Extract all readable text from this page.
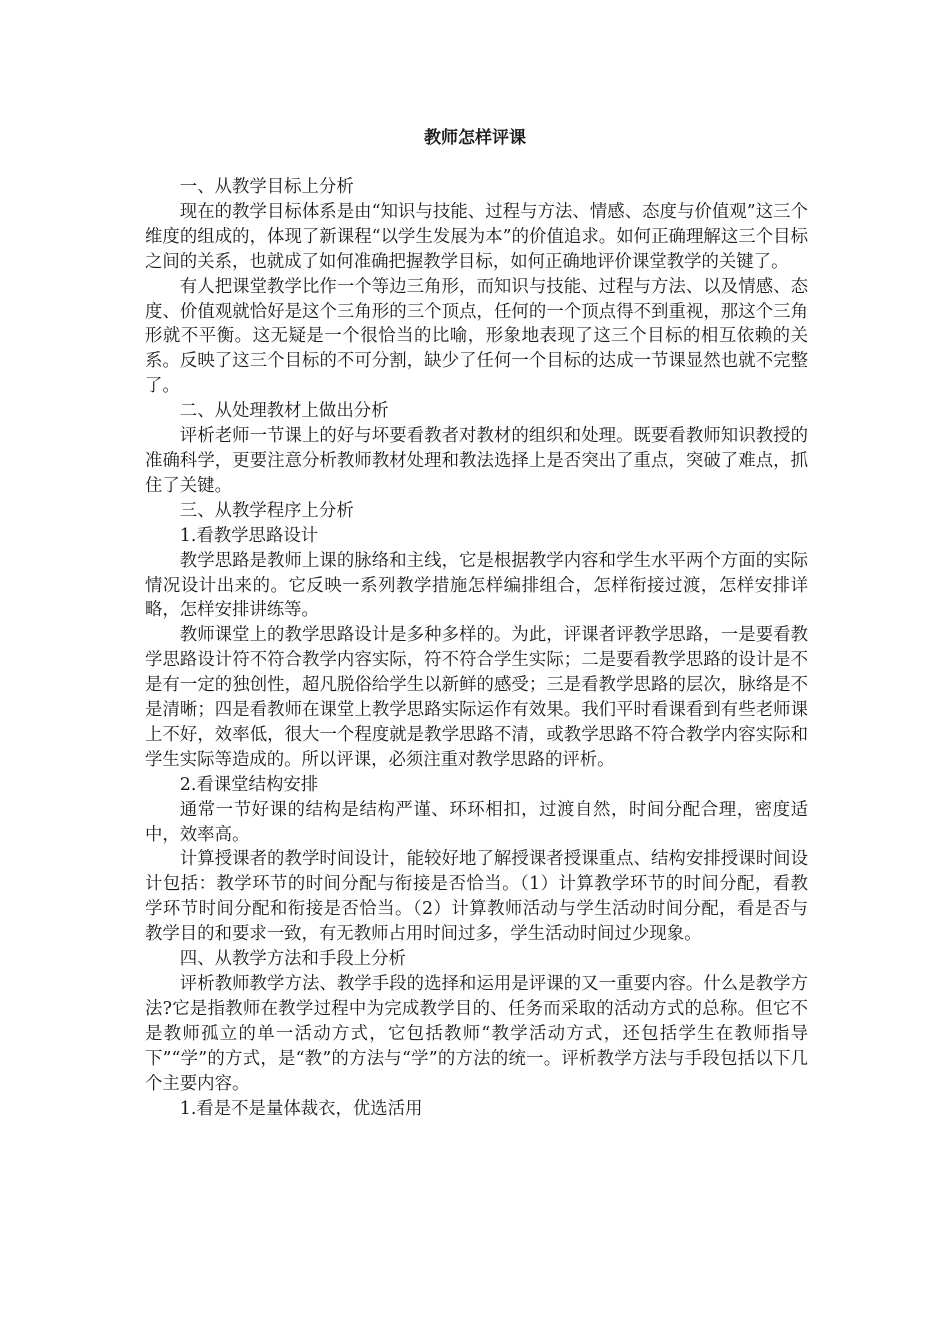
教师怎样评课

一、从教学目标上分析

现在的教学目标体系是由“知识与技能、过程与方法、情感、态度与价值观”这三个维度的组成的，体现了新课程“以学生发展为本”的价值追求。如何正确理解这三个目标之间的关系，也就成了如何准确把握教学目标，如何正确地评价课堂教学的关键了。

有人把课堂教学比作一个等边三角形，而知识与技能、过程与方法、以及情感、态度、价值观就恰好是这个三角形的三个顶点，任何的一个顶点得不到重视，那这个三角形就不平衡。这无疑是一个很恰当的比喻，形象地表现了这三个目标的相互依赖的关系。反映了这三个目标的不可分割，缺少了任何一个目标的达成一节课显然也就不完整了。

二、从处理教材上做出分析

评析老师一节课上的好与坏要看教者对教材的组织和处理。既要看教师知识教授的准确科学，更要注意分析教师教材处理和教法选择上是否突出了重点，突破了难点，抓住了关键。

三、从教学程序上分析

1.看教学思路设计

教学思路是教师上课的脉络和主线，它是根据教学内容和学生水平两个方面的实际情况设计出来的。它反映一系列教学措施怎样编排组合，怎样衔接过渡，怎样安排详略，怎样安排讲练等。

教师课堂上的教学思路设计是多种多样的。为此，评课者评教学思路，一是要看教学思路设计符不符合教学内容实际，符不符合学生实际；二是要看教学思路的设计是不是有一定的独创性，超凡脱俗给学生以新鲜的感受；三是看教学思路的层次，脉络是不是清晰；四是看教师在课堂上教学思路实际运作有效果。我们平时看课看到有些老师课上不好，效率低，很大一个程度就是教学思路不清，或教学思路不符合教学内容实际和学生实际等造成的。所以评课，必须注重对教学思路的评析。

2.看课堂结构安排

通常一节好课的结构是结构严谨、环环相扣，过渡自然，时间分配合理，密度适中，效率高。

计算授课者的教学时间设计，能较好地了解授课者授课重点、结构安排授课时间设计包括：教学环节的时间分配与衔接是否恰当。（1）计算教学环节的时间分配，看教学环节时间分配和衔接是否恰当。（2）计算教师活动与学生活动时间分配，看是否与教学目的和要求一致，有无教师占用时间过多，学生活动时间过少现象。

四、从教学方法和手段上分析

评析教师教学方法、教学手段的选择和运用是评课的又一重要内容。什么是教学方法?它是指教师在教学过程中为完成教学目的、任务而采取的活动方式的总称。但它不是教师孤立的单一活动方式，它包括教师“教学活动方式，还包括学生在教师指导下”“学”的方式，是“教”的方法与“学”的方法的统一。评析教学方法与手段包括以下几个主要内容。

1.看是不是量体裁衣，优选活用
